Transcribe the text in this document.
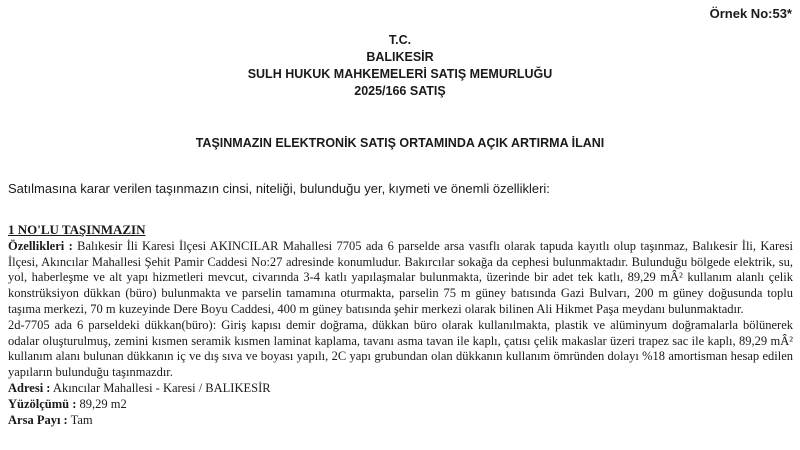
Örnek No:53*
T.C.
BALIKESİR
SULH HUKUK MAHKEMELERİ SATIŞ MEMURLUĞU
2025/166 SATIŞ
TAŞINMAZIN ELEKTRONİK SATIŞ ORTAMINDA AÇIK ARTIRMA İLANI
Satılmasına karar verilen taşınmazın cinsi, niteliği, bulunduğu yer, kıymeti ve önemli özellikleri:
1 NO'LU TAŞINMAZIN
Özellikleri : Balıkesir İli Karesi İlçesi AKINCILAR Mahallesi 7705 ada 6 parselde arsa vasıflı olarak tapuda kayıtlı olup taşınmaz, Balıkesir İli, Karesi İlçesi, Akıncılar Mahallesi Şehit Pamir Caddesi No:27 adresinde konumludur. Bakırcılar sokağa da cephesi bulunmaktadır. Bulunduğu bölgede elektrik, su, yol, haberleşme ve alt yapı hizmetleri mevcut, civarında 3-4 katlı yapılaşmalar bulunmakta, üzerinde bir adet tek katlı, 89,29 mÂ² kullanım alanlı çelik konstrüksiyon dükkan (büro) bulunmakta ve parselin tamamına oturmakta, parselin 75 m güney batısında Gazi Bulvarı, 200 m güney doğusunda toplu taşıma merkezi, 70 m kuzeyinde Dere Boyu Caddesi, 400 m güney batısında şehir merkezi olarak bilinen Ali Hikmet Paşa meydanı bulunmaktadır.
2d-7705 ada 6 parseldeki dükkan(büro): Giriş kapısı demir doğrama, dükkan büro olarak kullanılmakta, plastik ve alüminyum doğramalarla bölünerek odalar oluşturulmuş, zemini kısmen seramik kısmen laminat kaplama, tavanı asma tavan ile kaplı, çatısı çelik makaslar üzeri trapez sac ile kaplı, 89,29 mÂ² kullanım alanı bulunan dükkanın iç ve dış sıva ve boyası yapılı, 2C yapı grubundan olan dükkanın kullanım ömründen dolayı %18 amortisman hesap edilen yapıların bulunduğu taşınmazdır.
Adresi : Akıncılar Mahallesi - Karesi / BALIKESİR
Yüzölçümü : 89,29 m2
Arsa Payı : Tam
